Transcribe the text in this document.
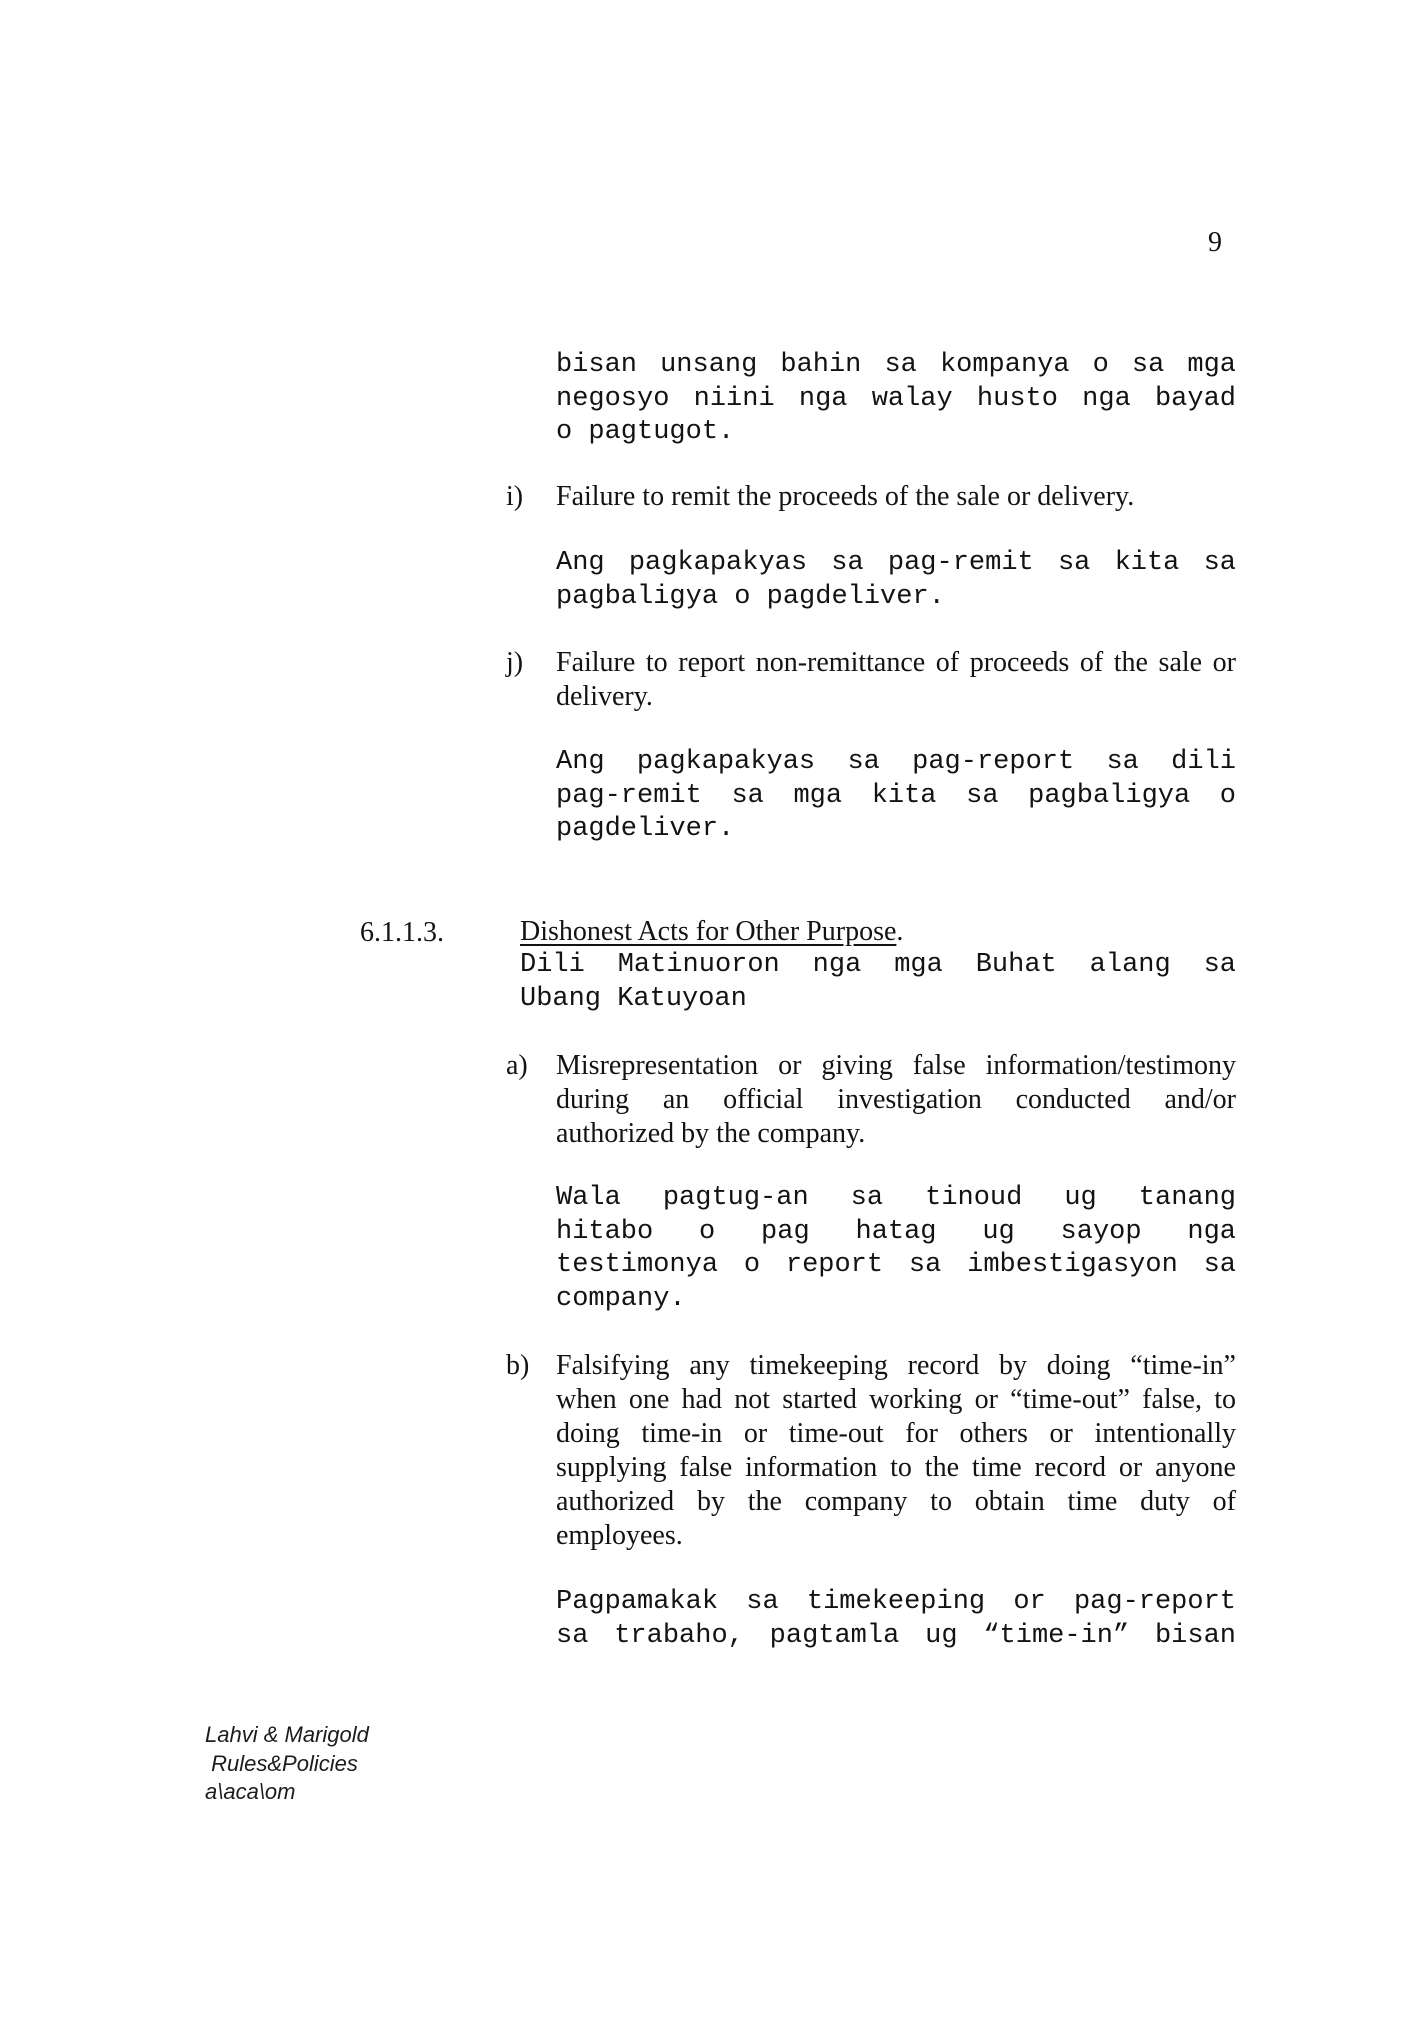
9
bisan unsang bahin sa kompanya o sa mga
negosyo niini nga walay husto nga bayad
o pagtugot.
i) Failure to remit the proceeds of the sale or delivery.
Ang pagkapakyas sa pag-remit sa kita sa
pagbaligya o pagdeliver.
j) Failure to report non-remittance of proceeds of the sale or
delivery.
Ang pagkapakyas sa pag-report sa dili
pag-remit sa mga kita sa pagbaligya o
pagdeliver.
6.1.1.3.	Dishonest Acts for Other Purpose.
Dili Matinuoron nga mga Buhat alang sa
Ubang Katuyoan
a) Misrepresentation or giving false information/testimony
during an official investigation conducted and/or
authorized by the company.
Wala pagtug-an sa tinoud ug tanang
hitabo o pag hatag ug sayop nga
testimonya o report sa imbestigasyon sa
company.
b) Falsifying any timekeeping record by doing “time-in”
when one had not started working or “time-out” false, to
doing time-in or time-out for others or intentionally
supplying false information to the time record or anyone
authorized by the company to obtain time duty of
employees.
Pagpamakak sa timekeeping or pag-report
sa trabaho, pagtamla ug “time-in” bisan
Lahvi & Marigold
Rules&Policies
a\aca\om
